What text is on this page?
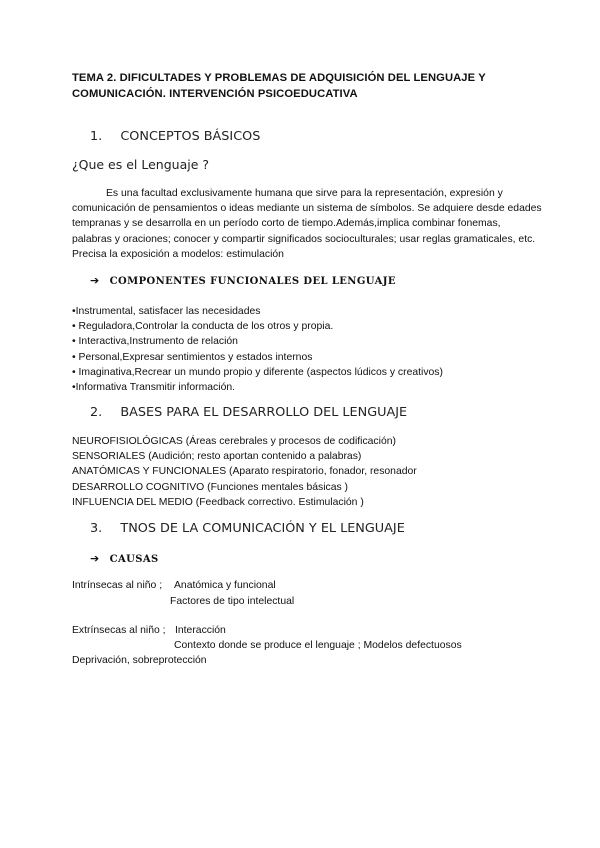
TEMA 2. DIFICULTADES Y PROBLEMAS DE ADQUISICIÓN DEL LENGUAJE Y COMUNICACIÓN. INTERVENCIÓN PSICOEDUCATIVA
1. CONCEPTOS BÁSICOS
¿Que es el Lenguaje ?
Es una facultad exclusivamente humana que sirve para la representación, expresión y comunicación de pensamientos o ideas mediante un sistema de símbolos. Se adquiere desde edades tempranas y se desarrolla en un período corto de tiempo.Además,implica combinar fonemas, palabras y oraciones; conocer y compartir significados socioculturales; usar reglas gramaticales, etc. Precisa la exposición a modelos: estimulación
➔ COMPONENTES FUNCIONALES DEL LENGUAJE
•Instrumental, satisfacer las necesidades
• Reguladora,Controlar la conducta de los otros y propia.
• Interactiva,Instrumento de relación
• Personal,Expresar sentimientos y estados internos
• Imaginativa,Recrear un mundo propio y diferente (aspectos lúdicos y creativos)
•Informativa Transmitir información.
2. BASES PARA EL DESARROLLO DEL LENGUAJE
NEUROFISIOLÓGICAS (Áreas cerebrales y procesos de codificación)
SENSORIALES (Audición; resto aportan contenido a palabras)
ANATÓMICAS Y FUNCIONALES (Aparato respiratorio, fonador, resonador
DESARROLLO COGNITIVO (Funciones mentales básicas )
INFLUENCIA DEL MEDIO (Feedback correctivo. Estimulación )
3. TNOS DE LA COMUNICACIÓN Y EL LENGUAJE
➔ CAUSAS
Intrínsecas al niño ; Anatómica y funcional
Factores de tipo intelectual
Extrínsecas al niño ; Interacción
Contexto donde se produce el lenguaje ; Modelos defectuosos
Deprivación, sobreprotección
